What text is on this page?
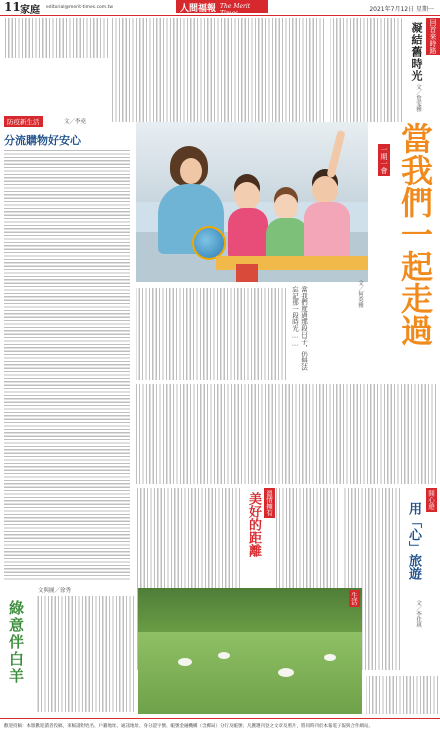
11 家庭 editorial@merit-times.com.tw	人間福報 The Merit Times	2021年7月12日 星期一
回首來時路
凝結舊時光
文／詹雯雅
防疫新生活	文／李堯
分流購物好安心
一期一會 當我們一起走過
當我們度過那段日子，仍無法忘記那一段時光……	文／何英雅
開心遊
用「心」旅遊
文／李佳琪
溫情擁有
美好的距離
綠意伴白羊
文與圖／徐秀
生活
歡迎投稿：本版歡迎讀者投稿，來稿請附姓名、戶籍地址、通訊地址、身分證字號、帳號金融機構（含郵局）分行及帳號；凡獲選刊登之文章及照片，將同時刊於本報電子報與合作網站。
